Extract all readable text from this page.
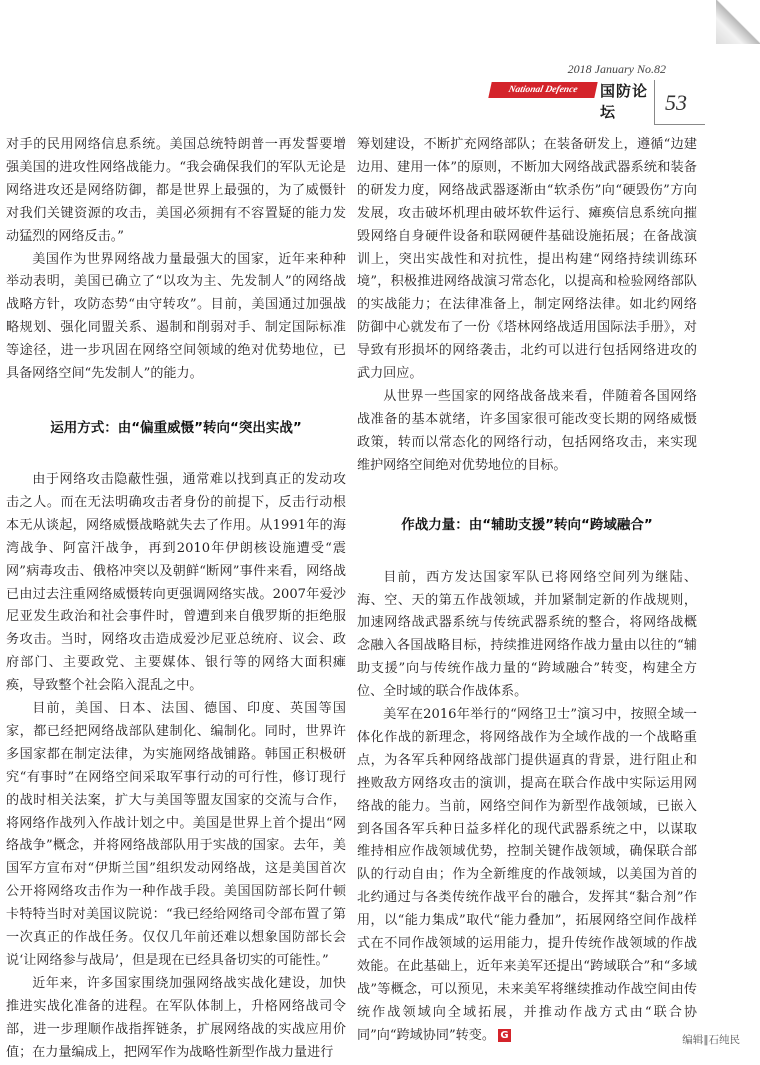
2018 January No.82
National Defence Education
国防论坛	53

对手的民用网络信息系统。美国总统特朗普一再发誓要增强美国的进攻性网络战能力。“我会确保我们的军队无论是网络进攻还是网络防御，都是世界上最强的，为了威慑针对我们关键资源的攻击，美国必须拥有不容置疑的能力发动猛烈的网络反击。”

美国作为世界网络战力量最强大的国家，近年来种种举动表明，美国已确立了“以攻为主、先发制人”的网络战战略方针，攻防态势“由守转攻”。目前，美国通过加强战略规划、强化同盟关系、遏制和削弱对手、制定国际标准等途径，进一步巩固在网络空间领域的绝对优势地位，已具备网络空间“先发制人”的能力。

运用方式：由“偏重威慑”转向“突出实战”

由于网络攻击隐蔽性强，通常难以找到真正的发动攻击之人。而在无法明确攻击者身份的前提下，反击行动根本无从谈起，网络威慑战略就失去了作用。从1991年的海湾战争、阿富汗战争，再到2010年伊朗核设施遭受“震网”病毒攻击、俄格冲突以及朝鲜“断网”事件来看，网络战已由过去注重网络威慑转向更强调网络实战。2007年爱沙尼亚发生政治和社会事件时，曾遭到来自俄罗斯的拒绝服务攻击。当时，网络攻击造成爱沙尼亚总统府、议会、政府部门、主要政党、主要媒体、银行等的网络大面积瘫痪，导致整个社会陷入混乱之中。

目前，美国、日本、法国、德国、印度、英国等国家，都已经把网络战部队建制化、编制化。同时，世界许多国家都在制定法律，为实施网络战铺路。韩国正积极研究“有事时”在网络空间采取军事行动的可行性，修订现行的战时相关法案，扩大与美国等盟友国家的交流与合作，将网络作战列入作战计划之中。美国是世界上首个提出“网络战争”概念，并将网络战部队用于实战的国家。去年，美国军方宣布对“伊斯兰国”组织发动网络战，这是美国首次公开将网络攻击作为一种作战手段。美国国防部长阿什顿卡特特当时对美国议院说：“我已经给网络司令部布置了第一次真正的作战任务。仅仅几年前还难以想象国防部长会说‘让网络参与战局’，但是现在已经具备切实的可能性。”

近年来，许多国家围绕加强网络战实战化建设，加快推进实战化准备的进程。在军队体制上，升格网络战司令部，进一步理顺作战指挥链条，扩展网络战的实战应用价值；在力量编成上，把网军作为战略性新型作战力量进行

筹划建设，不断扩充网络部队；在装备研发上，遵循“边建边用、建用一体”的原则，不断加大网络战武器系统和装备的研发力度，网络战武器逐渐由“软杀伤”向“硬毁伤”方向发展，攻击破坏机理由破坏软件运行、瘫痪信息系统向摧毁网络自身硬件设备和联网硬件基础设施拓展；在备战演训上，突出实战性和对抗性，提出构建“网络持续训练环境”，积极推进网络战演习常态化，以提高和检验网络部队的实战能力；在法律准备上，制定网络法律。如北约网络防御中心就发布了一份《塔林网络战适用国际法手册》，对导致有形损坏的网络袭击，北约可以进行包括网络进攻的武力回应。

从世界一些国家的网络战备战来看，伴随着各国网络战准备的基本就绪，许多国家很可能改变长期的网络威慑政策，转而以常态化的网络行动，包括网络攻击，来实现维护网络空间绝对优势地位的目标。

作战力量：由“辅助支援”转向“跨域融合”

目前，西方发达国家军队已将网络空间列为继陆、海、空、天的第五作战领域，并加紧制定新的作战规则，加速网络战武器系统与传统武器系统的整合，将网络战概念融入各国战略目标，持续推进网络作战力量由以往的“辅助支援”向与传统作战力量的“跨域融合”转变，构建全方位、全时域的联合作战体系。

美军在2016年举行的“网络卫士”演习中，按照全域一体化作战的新理念，将网络战作为全域作战的一个战略重点，为各军兵种网络战部门提供逼真的背景，进行阻止和挫败敌方网络攻击的演训，提高在联合作战中实际运用网络战的能力。当前，网络空间作为新型作战领域，已嵌入到各国各军兵种日益多样化的现代武器系统之中，以谋取维持相应作战领域优势，控制关键作战领域，确保联合部队的行动自由；作为全新维度的作战领域，以美国为首的北约通过与各类传统作战平台的融合，发挥其“黏合剂”作用，以“能力集成”取代“能力叠加”，拓展网络空间作战样式在不同作战领域的运用能力，提升传统作战领域的作战效能。在此基础上，近年来美军还提出“跨域联合”和“多域战”等概念，可以预见，未来美军将继续推动作战空间由传统作战领域向全域拓展，并推动作战方式由“联合协同”向“跨域协同”转变。 G	编辑∥石纯民
